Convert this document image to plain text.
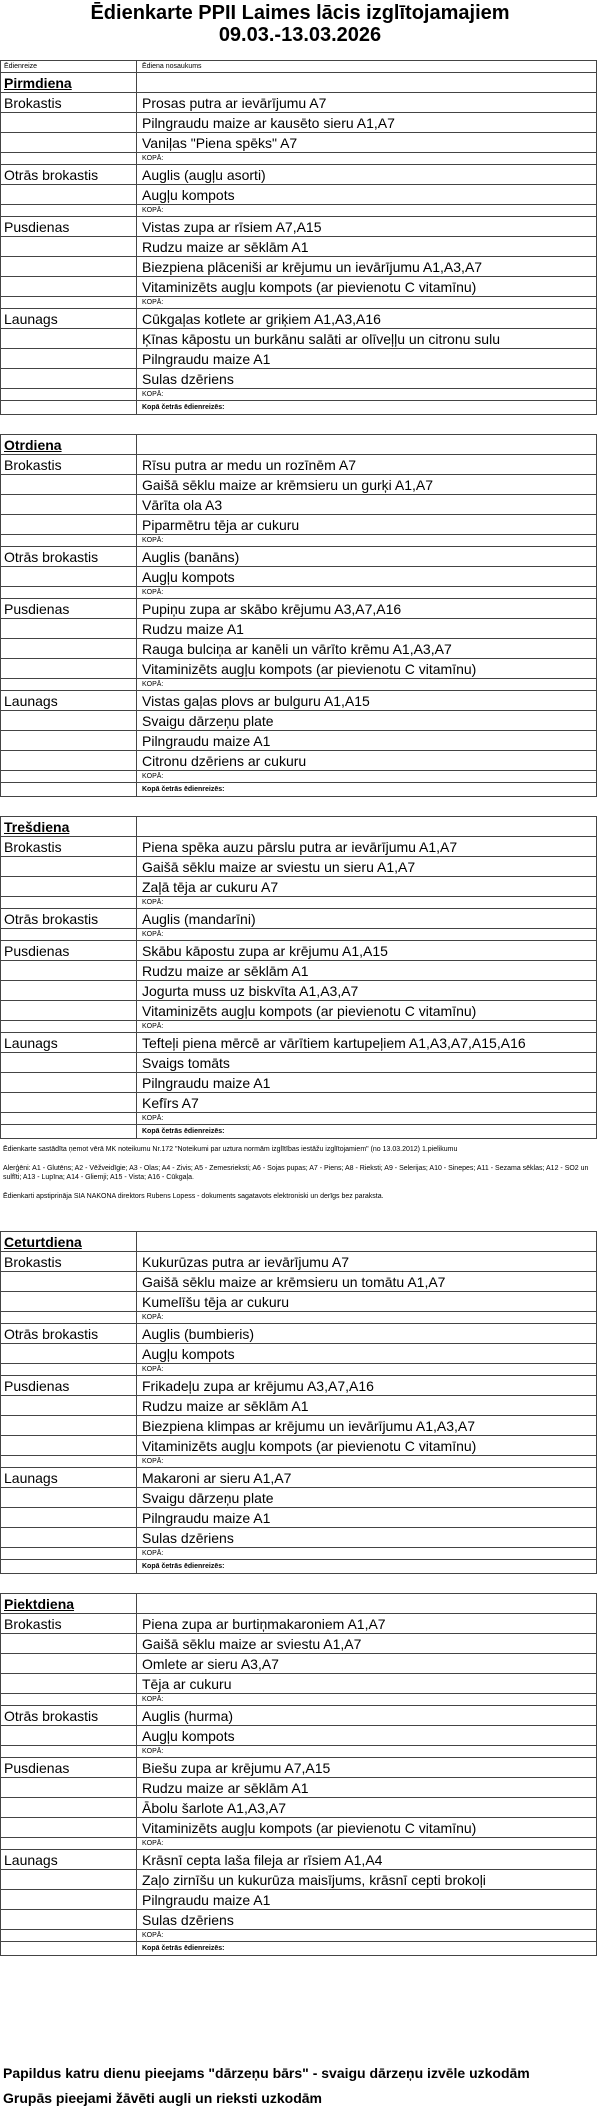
Ēdienkarte PPII Laimes lācis izglītojamajiem
09.03.-13.03.2026
Ēdienreize	Ēdiena nosaukums
Pirmdiena	
Brokastis	Prosas putra ar ievārījumu A7
	Pilngraudu maize ar kausēto sieru A1,A7
	Vaniļas "Piena spēks" A7
	KOPĀ:
Otrās brokastis	Auglis (augļu asorti)
	Augļu kompots
	KOPĀ:
Pusdienas	Vistas zupa ar rīsiem A7,A15
	Rudzu maize ar sēklām A1
	Biezpiena plāceniši ar krējumu un ievārījumu A1,A3,A7
	Vitaminizēts augļu kompots (ar pievienotu C vitamīnu)
	KOPĀ:
Launags	Cūkgaļas kotlete ar griķiem A1,A3,A16
	Ķīnas kāpostu un burkānu salāti ar olīveļļu un citronu sulu
	Pilngraudu maize A1
	Sulas dzēriens
	KOPĀ:
	Kopā četrās ēdienreizēs:

Otrdiena	
Brokastis	Rīsu putra ar medu un rozīnēm A7
	Gaišā sēklu maize ar krēmsieru un gurķi A1,A7
	Vārīta ola A3
	Piparmētru tēja ar cukuru
	KOPĀ:
Otrās brokastis	Auglis (banāns)
	Augļu kompots
	KOPĀ:
Pusdienas	Pupiņu zupa ar skābo krējumu A3,A7,A16
	Rudzu maize A1
	Rauga bulciņa ar kanēli un vārīto krēmu A1,A3,A7
	Vitaminizēts augļu kompots (ar pievienotu C vitamīnu)
	KOPĀ:
Launags	Vistas gaļas plovs ar bulguru A1,A15
	Svaigu dārzeņu plate
	Pilngraudu maize A1
	Citronu dzēriens ar cukuru
	KOPĀ:
	Kopā četrās ēdienreizēs:

Trešdiena	
Brokastis	Piena spēka auzu pārslu putra ar ievārījumu A1,A7
	Gaišā sēklu maize ar sviestu un sieru A1,A7
	Zaļā tēja ar cukuru A7
	KOPĀ:
Otrās brokastis	Auglis (mandarīni)
	KOPĀ:
Pusdienas	Skābu kāpostu zupa ar krējumu A1,A15
	Rudzu maize ar sēklām A1
	Jogurta muss uz biskvīta A1,A3,A7
	Vitaminizēts augļu kompots (ar pievienotu C vitamīnu)
	KOPĀ:
Launags	Tefteļi piena mērcē ar vārītiem kartupeļiem A1,A3,A7,A15,A16
	Svaigs tomāts
	Pilngraudu maize A1
	Kefīrs A7
	KOPĀ:
	Kopā četrās ēdienreizēs:

Ēdienkarte sastādīta ņemot vērā MK noteikumu Nr.172 "Noteikumi par uztura normām izglītības iestāžu izglītojamiem" (no 13.03.2012) 1.pielikumu

Alerģēni: A1 - Glutēns; A2 - Vēžveidīgie; A3 - Olas; A4 - Zivis; A5 - Zemesrieksti; A6 - Sojas pupas; A7 - Piens; A8 - Rieksti; A9 - Selerijas; A10 - Sinepes; A11 - Sezama sēklas; A12 - SO2 un sulfīti; A13 - Lupīna; A14 - Gliemji; A15 - Vista; A16 - Cūkgaļa.

Ēdienkarti apstiprināja SIA NAKONA direktors Rubens Lopess - dokuments sagatavots elektroniski un derīgs bez paraksta.

Ceturtdiena	
Brokastis	Kukurūzas putra ar ievārījumu A7
	Gaišā sēklu maize ar krēmsieru un tomātu A1,A7
	Kumelīšu tēja ar cukuru
	KOPĀ:
Otrās brokastis	Auglis (bumbieris)
	Augļu kompots
	KOPĀ:
Pusdienas	Frikadeļu zupa ar krējumu A3,A7,A16
	Rudzu maize ar sēklām A1
	Biezpiena klimpas ar krējumu un ievārījumu A1,A3,A7
	Vitaminizēts augļu kompots (ar pievienotu C vitamīnu)
	KOPĀ:
Launags	Makaroni ar sieru A1,A7
	Svaigu dārzeņu plate
	Pilngraudu maize A1
	Sulas dzēriens
	KOPĀ:
	Kopā četrās ēdienreizēs:

Piektdiena	
Brokastis	Piena zupa ar burtiņmakaroniem A1,A7
	Gaišā sēklu maize ar sviestu A1,A7
	Omlete ar sieru A3,A7
	Tēja ar cukuru
	KOPĀ:
Otrās brokastis	Auglis (hurma)
	Augļu kompots
	KOPĀ:
Pusdienas	Biešu zupa ar krējumu A7,A15
	Rudzu maize ar sēklām A1
	Ābolu šarlote A1,A3,A7
	Vitaminizēts augļu kompots (ar pievienotu C vitamīnu)
	KOPĀ:
Launags	Krāsnī cepta laša fileja ar rīsiem A1,A4
	Zaļo zirnīšu un kukurūza maisījums, krāsnī cepti brokoļi
	Pilngraudu maize A1
	Sulas dzēriens
	KOPĀ:
	Kopā četrās ēdienreizēs:
Papildus katru dienu pieejams "dārzeņu bārs" - svaigu dārzeņu izvēle uzkodām
Grupās pieejami žāvēti augli un rieksti uzkodām
